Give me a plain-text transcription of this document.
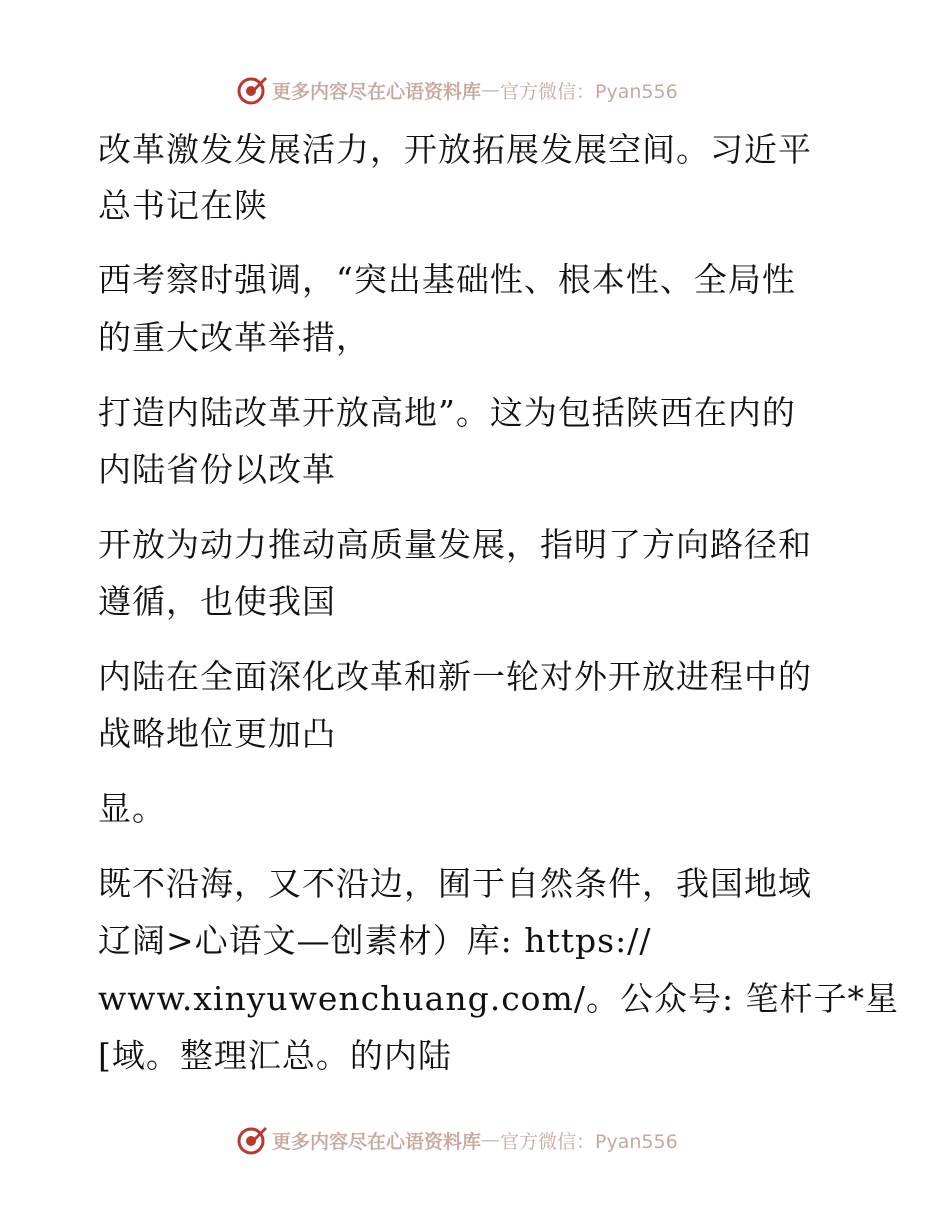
更多内容尽在心语资料库 — 官方微信：Pyan556
改革激发发展活力，开放拓展发展空间。习近平
总书记在陕
西考察时强调，“突出基础性、根本性、全局性
的重大改革举措，
打造内陆改革开放高地”。这为包括陕西在内的
内陆省份以改革
开放为动力推动高质量发展，指明了方向路径和
遵循，也使我国
内陆在全面深化改革和新一轮对外开放进程中的
战略地位更加凸
显。
既不沿海，又不沿边，囿于自然条件，我国地域
辽阔>心语文—创素材）库: https://
www.xinyuwenchuang.com/。公众号: 笔杆子*星
[域。整理汇总。的内陆
更多内容尽在心语资料库 — 官方微信：Pyan556
